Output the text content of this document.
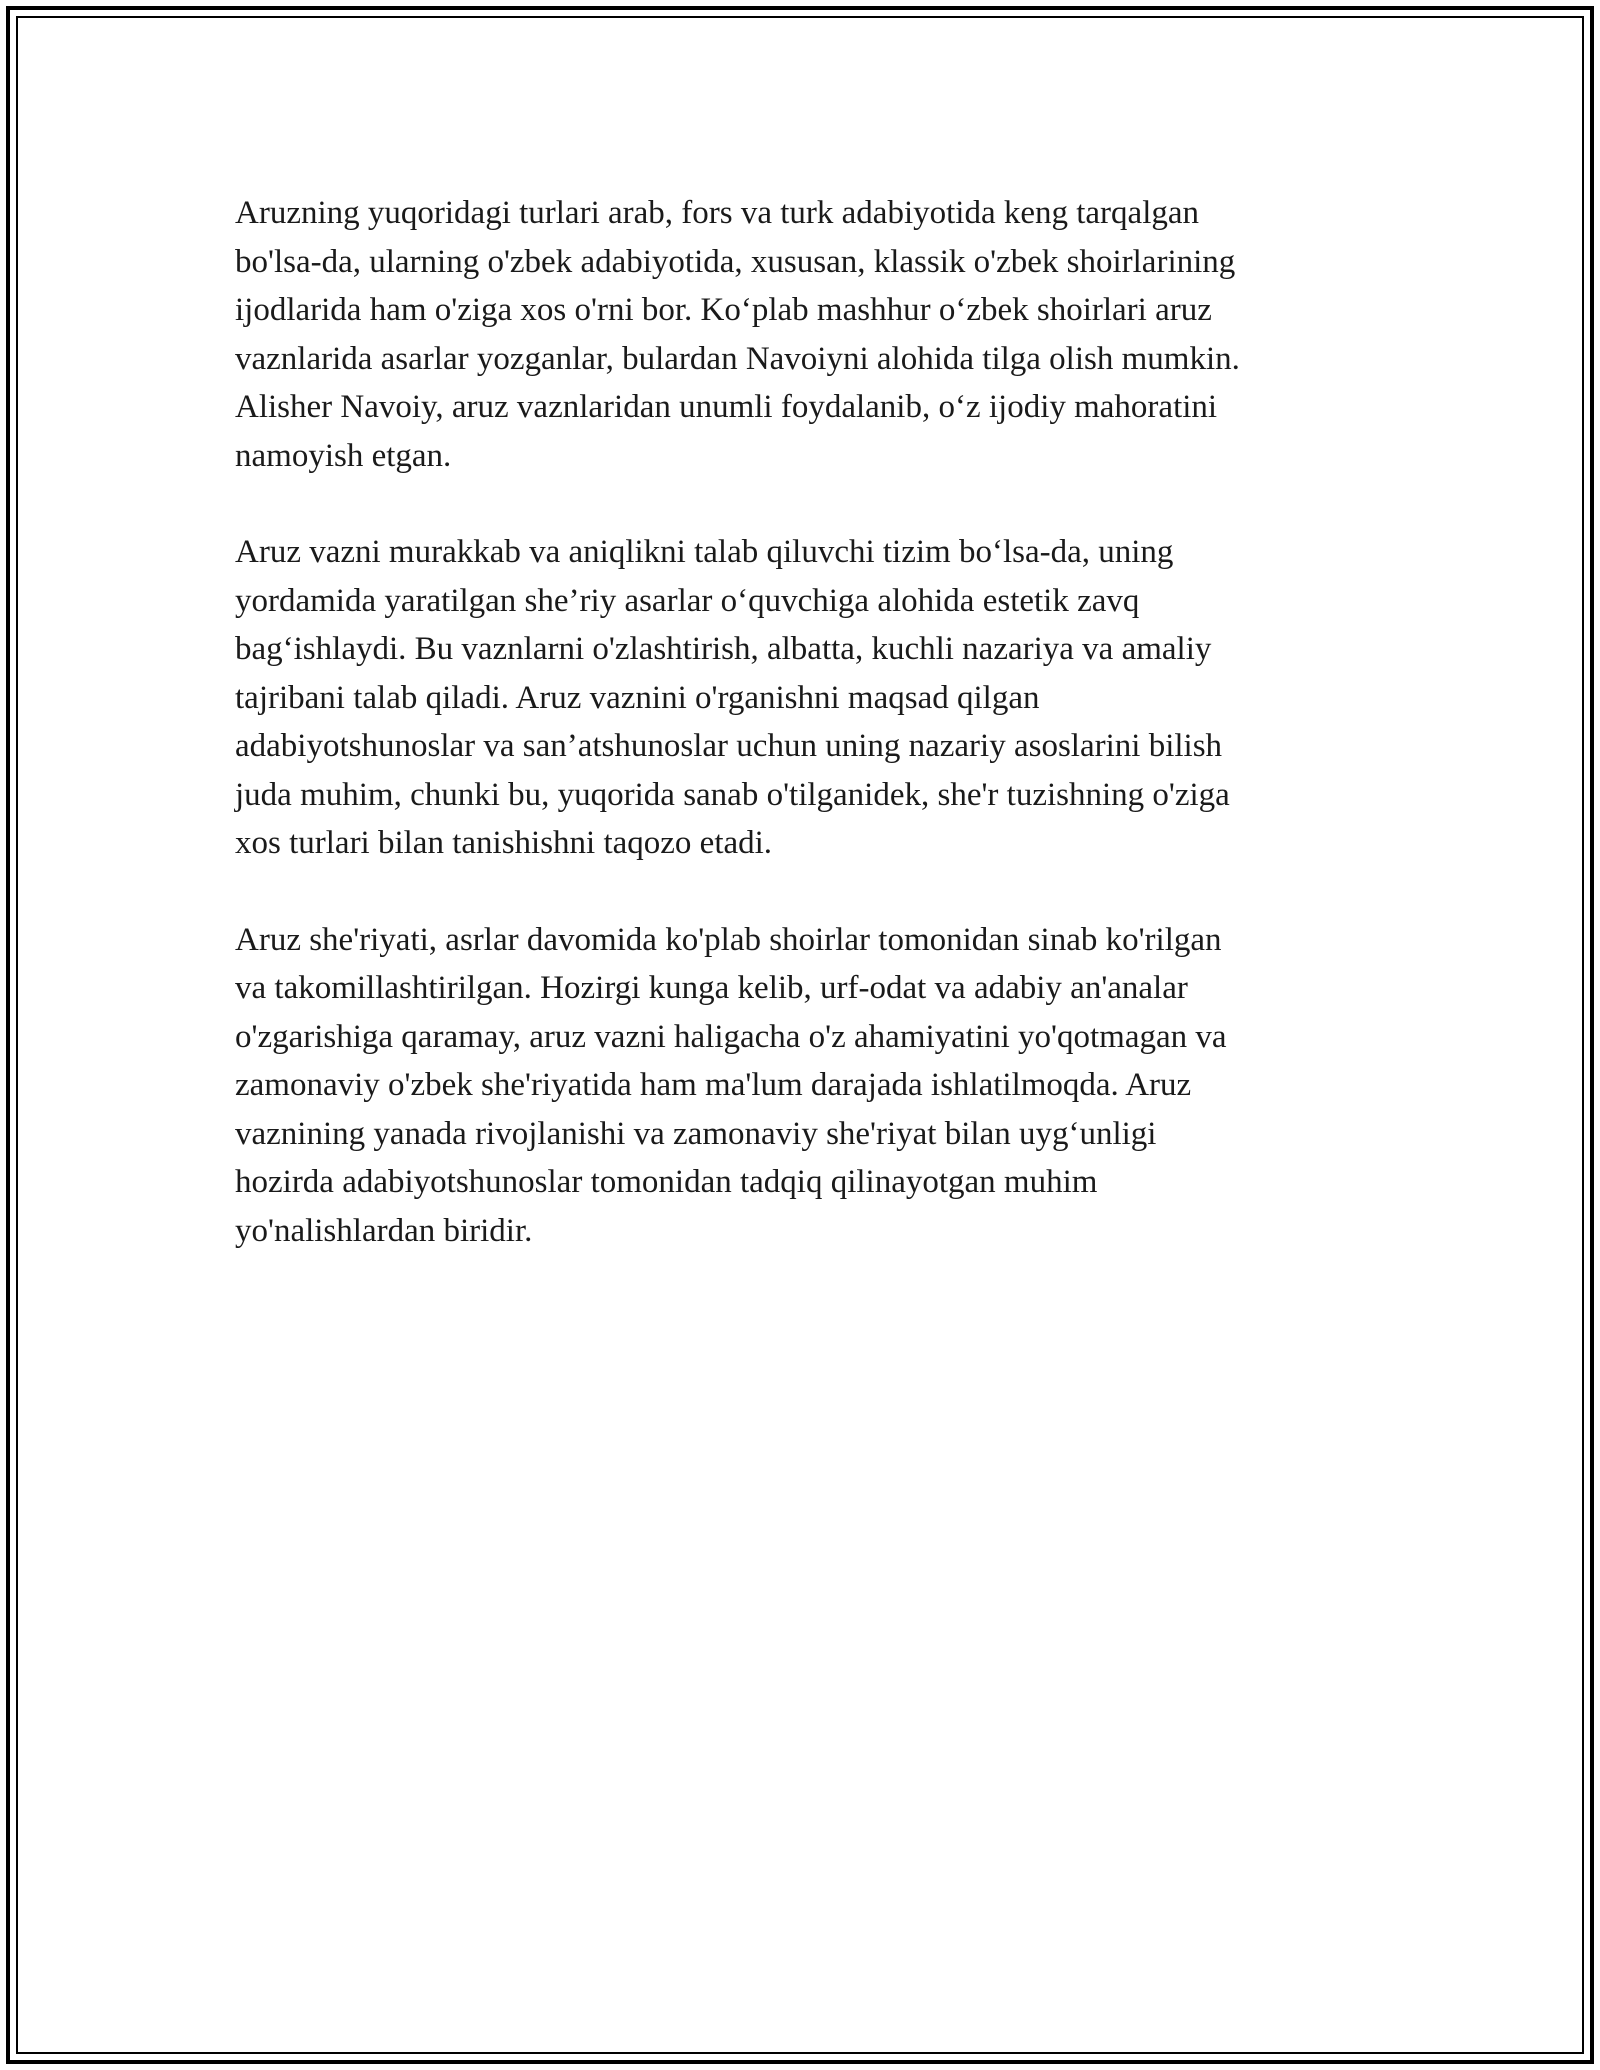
Aruzning yuqoridagi turlari arab, fors va turk adabiyotida keng tarqalgan
bo'lsa-da, ularning o'zbek adabiyotida, xususan, klassik o'zbek shoirlarining
ijodlarida ham o'ziga xos o'rni bor. Koʻplab mashhur oʻzbek shoirlari aruz
vaznlarida asarlar yozganlar, bulardan Navoiyni alohida tilga olish mumkin.
Alisher Navoiy, aruz vaznlaridan unumli foydalanib, oʻz ijodiy mahoratini
namoyish etgan.

Aruz vazni murakkab va aniqlikni talab qiluvchi tizim boʻlsa-da, uning
yordamida yaratilgan she’riy asarlar oʻquvchiga alohida estetik zavq
bagʻishlaydi. Bu vaznlarni o'zlashtirish, albatta, kuchli nazariya va amaliy
tajribani talab qiladi. Aruz vaznini o'rganishni maqsad qilgan
adabiyotshunoslar va san’atshunoslar uchun uning nazariy asoslarini bilish
juda muhim, chunki bu, yuqorida sanab o'tilganidek, she'r tuzishning o'ziga
xos turlari bilan tanishishni taqozo etadi.

Aruz she'riyati, asrlar davomida ko'plab shoirlar tomonidan sinab ko'rilgan
va takomillashtirilgan. Hozirgi kunga kelib, urf-odat va adabiy an'analar
o'zgarishiga qaramay, aruz vazni haligacha o'z ahamiyatini yo'qotmagan va
zamonaviy o'zbek she'riyatida ham ma'lum darajada ishlatilmoqda. Aruz
vaznining yanada rivojlanishi va zamonaviy she'riyat bilan uygʻunligi
hozirda adabiyotshunoslar tomonidan tadqiq qilinayotgan muhim
yo'nalishlardan biridir.
